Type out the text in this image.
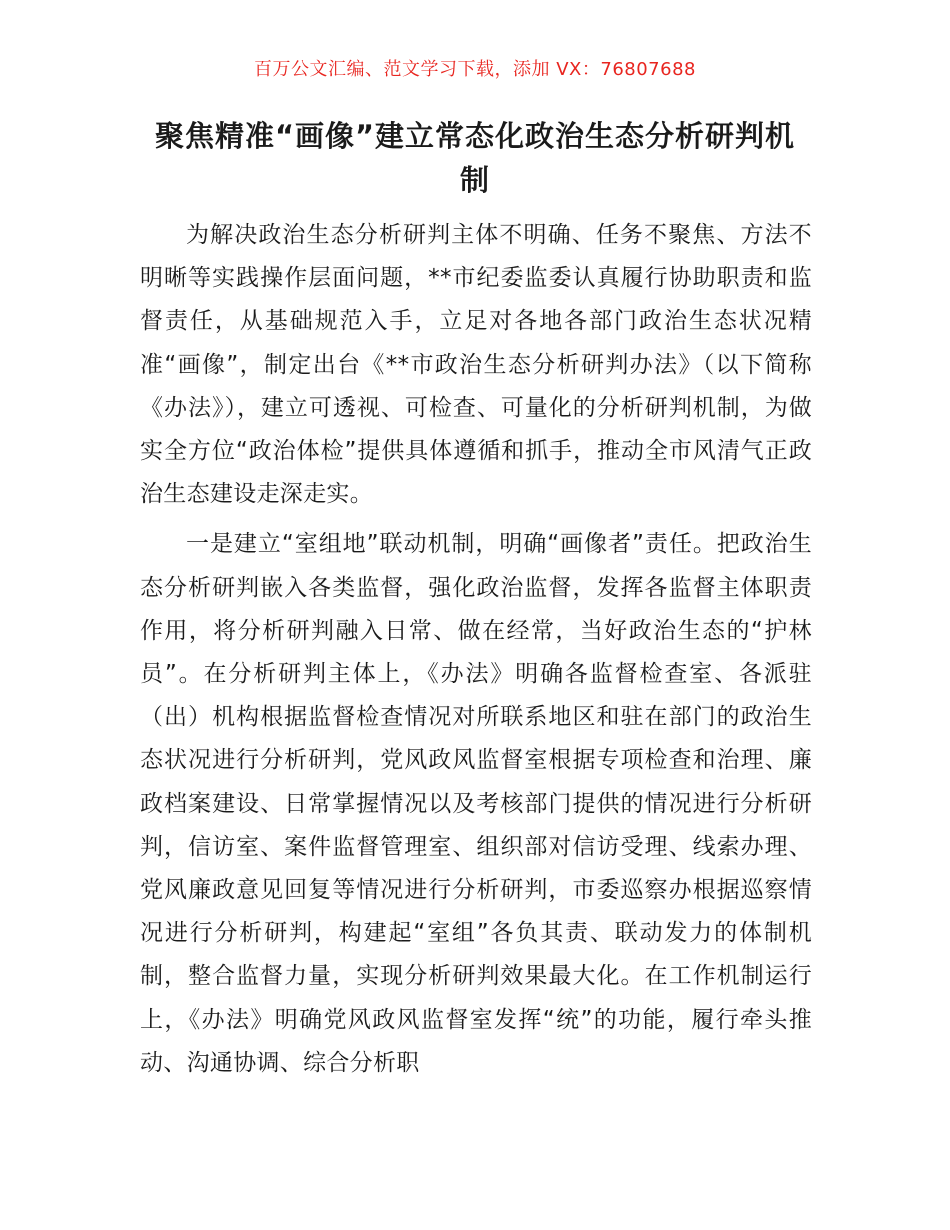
百万公文汇编、范文学习下载，添加 VX：76807688
聚焦精准“画像”建立常态化政治生态分析研判机制

为解决政治生态分析研判主体不明确、任务不聚焦、方法不明晰等实践操作层面问题，**市纪委监委认真履行协助职责和监督责任，从基础规范入手，立足对各地各部门政治生态状况精准“画像”，制定出台《**市政治生态分析研判办法》（以下简称《办法》），建立可透视、可检查、可量化的分析研判机制，为做实全方位“政治体检”提供具体遵循和抓手，推动全市风清气正政治生态建设走深走实。

一是建立“室组地”联动机制，明确“画像者”责任。把政治生态分析研判嵌入各类监督，强化政治监督，发挥各监督主体职责作用，将分析研判融入日常、做在经常，当好政治生态的“护林员”。在分析研判主体上，《办法》明确各监督检查室、各派驻（出）机构根据监督检查情况对所联系地区和驻在部门的政治生态状况进行分析研判，党风政风监督室根据专项检查和治理、廉政档案建设、日常掌握情况以及考核部门提供的情况进行分析研判，信访室、案件监督管理室、组织部对信访受理、线索办理、党风廉政意见回复等情况进行分析研判，市委巡察办根据巡察情况进行分析研判，构建起“室组”各负其责、联动发力的体制机制，整合监督力量，实现分析研判效果最大化。在工作机制运行上，《办法》明确党风政风监督室发挥“统”的功能，履行牵头推动、沟通协调、综合分析职
